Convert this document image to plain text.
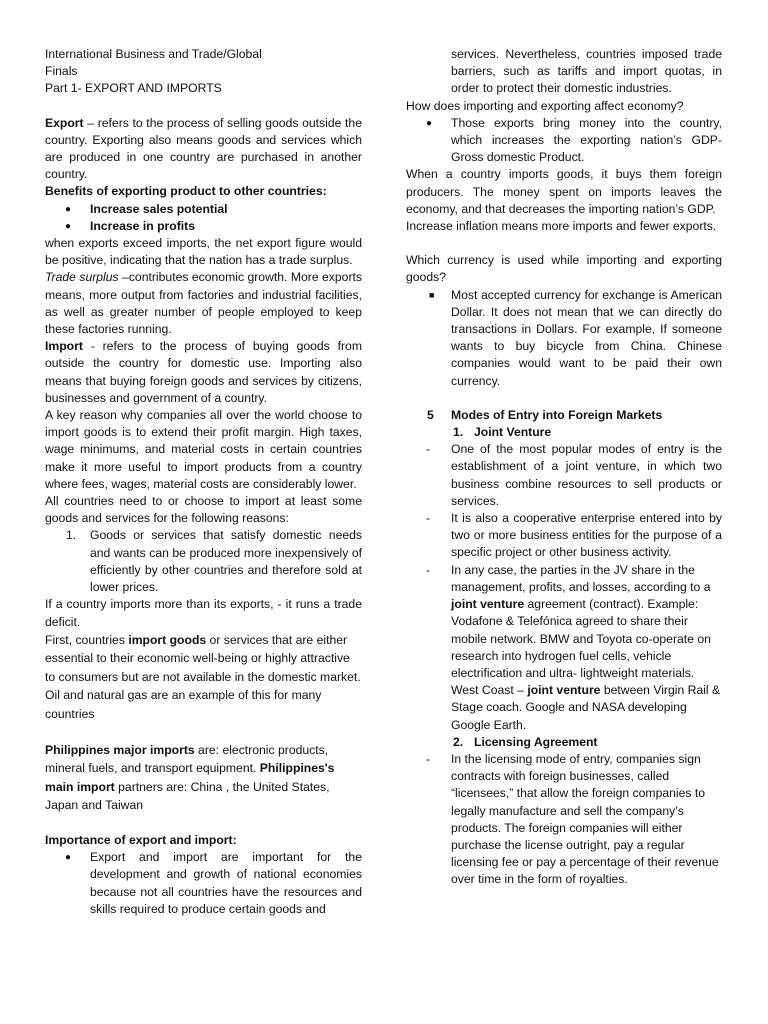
International Business and Trade/Global

Finals

Part 1- EXPORT AND IMPORTS

Export – refers to the process of selling goods outside the country. Exporting also means goods and services which are produced in one country are purchased in another country.

Benefits of exporting product to other countries:

● Increase sales potential

● Increase in profits

when exports exceed imports, the net export figure would be positive, indicating that the nation has a trade surplus.

Trade surplus –contributes economic growth. More exports means, more output from factories and industrial facilities, as well as greater number of people employed to keep these factories running.

Import - refers to the process of buying goods from outside the country for domestic use. Importing also means that buying foreign goods and services by citizens, businesses and government of a country.

A key reason why companies all over the world choose to import goods is to extend their profit margin. High taxes, wage minimums, and material costs in certain countries make it more useful to import products from a country where fees, wages, material costs are considerably lower.

All countries need to or choose to import at least some goods and services for the following reasons:

1. Goods or services that satisfy domestic needs and wants can be produced more inexpensively of efficiently by other countries and therefore sold at lower prices.

If a country imports more than its exports, - it runs a trade deficit.

First, countries import goods or services that are either essential to their economic well-being or highly attractive to consumers but are not available in the domestic market. Oil and natural gas are an example of this for many countries

Philippines major imports are: electronic products, mineral fuels, and transport equipment. Philippines's main import partners are: China , the United States, Japan and Taiwan

Importance of export and import:

● Export and import are important for the development and growth of national economies because not all countries have the resources and skills required to produce certain goods and

services. Nevertheless, countries imposed trade barriers, such as tariffs and import quotas, in order to protect their domestic industries.

How does importing and exporting affect economy?

● Those exports bring money into the country, which increases the exporting nation’s GDP- Gross domestic Product.

When a country imports goods, it buys them foreign producers. The money spent on imports leaves the economy, and that decreases the importing nation’s GDP.

Increase inflation means more imports and fewer exports.

Which currency is used while importing and exporting goods?

■ Most accepted currency for exchange is American Dollar. It does not mean that we can directly do transactions in Dollars. For example, If someone wants to buy bicycle from China. Chinese companies would want to be paid their own currency.

5 Modes of Entry into Foreign Markets

1. Joint Venture

- One of the most popular modes of entry is the establishment of a joint venture, in which two business combine resources to sell products or services.

- It is also a cooperative enterprise entered into by two or more business entities for the purpose of a specific project or other business activity.

- In any case, the parties in the JV share in the management, profits, and losses, according to a joint venture agreement (contract). Example: Vodafone & Telefónica agreed to share their mobile network. BMW and Toyota co-operate on research into hydrogen fuel cells, vehicle electrification and ultra- lightweight materials. West Coast – joint venture between Virgin Rail & Stage coach. Google and NASA developing Google Earth.

2. Licensing Agreement

- In the licensing mode of entry, companies sign contracts with foreign businesses, called “licensees,” that allow the foreign companies to legally manufacture and sell the company’s products. The foreign companies will either purchase the license outright, pay a regular licensing fee or pay a percentage of their revenue over time in the form of royalties.
